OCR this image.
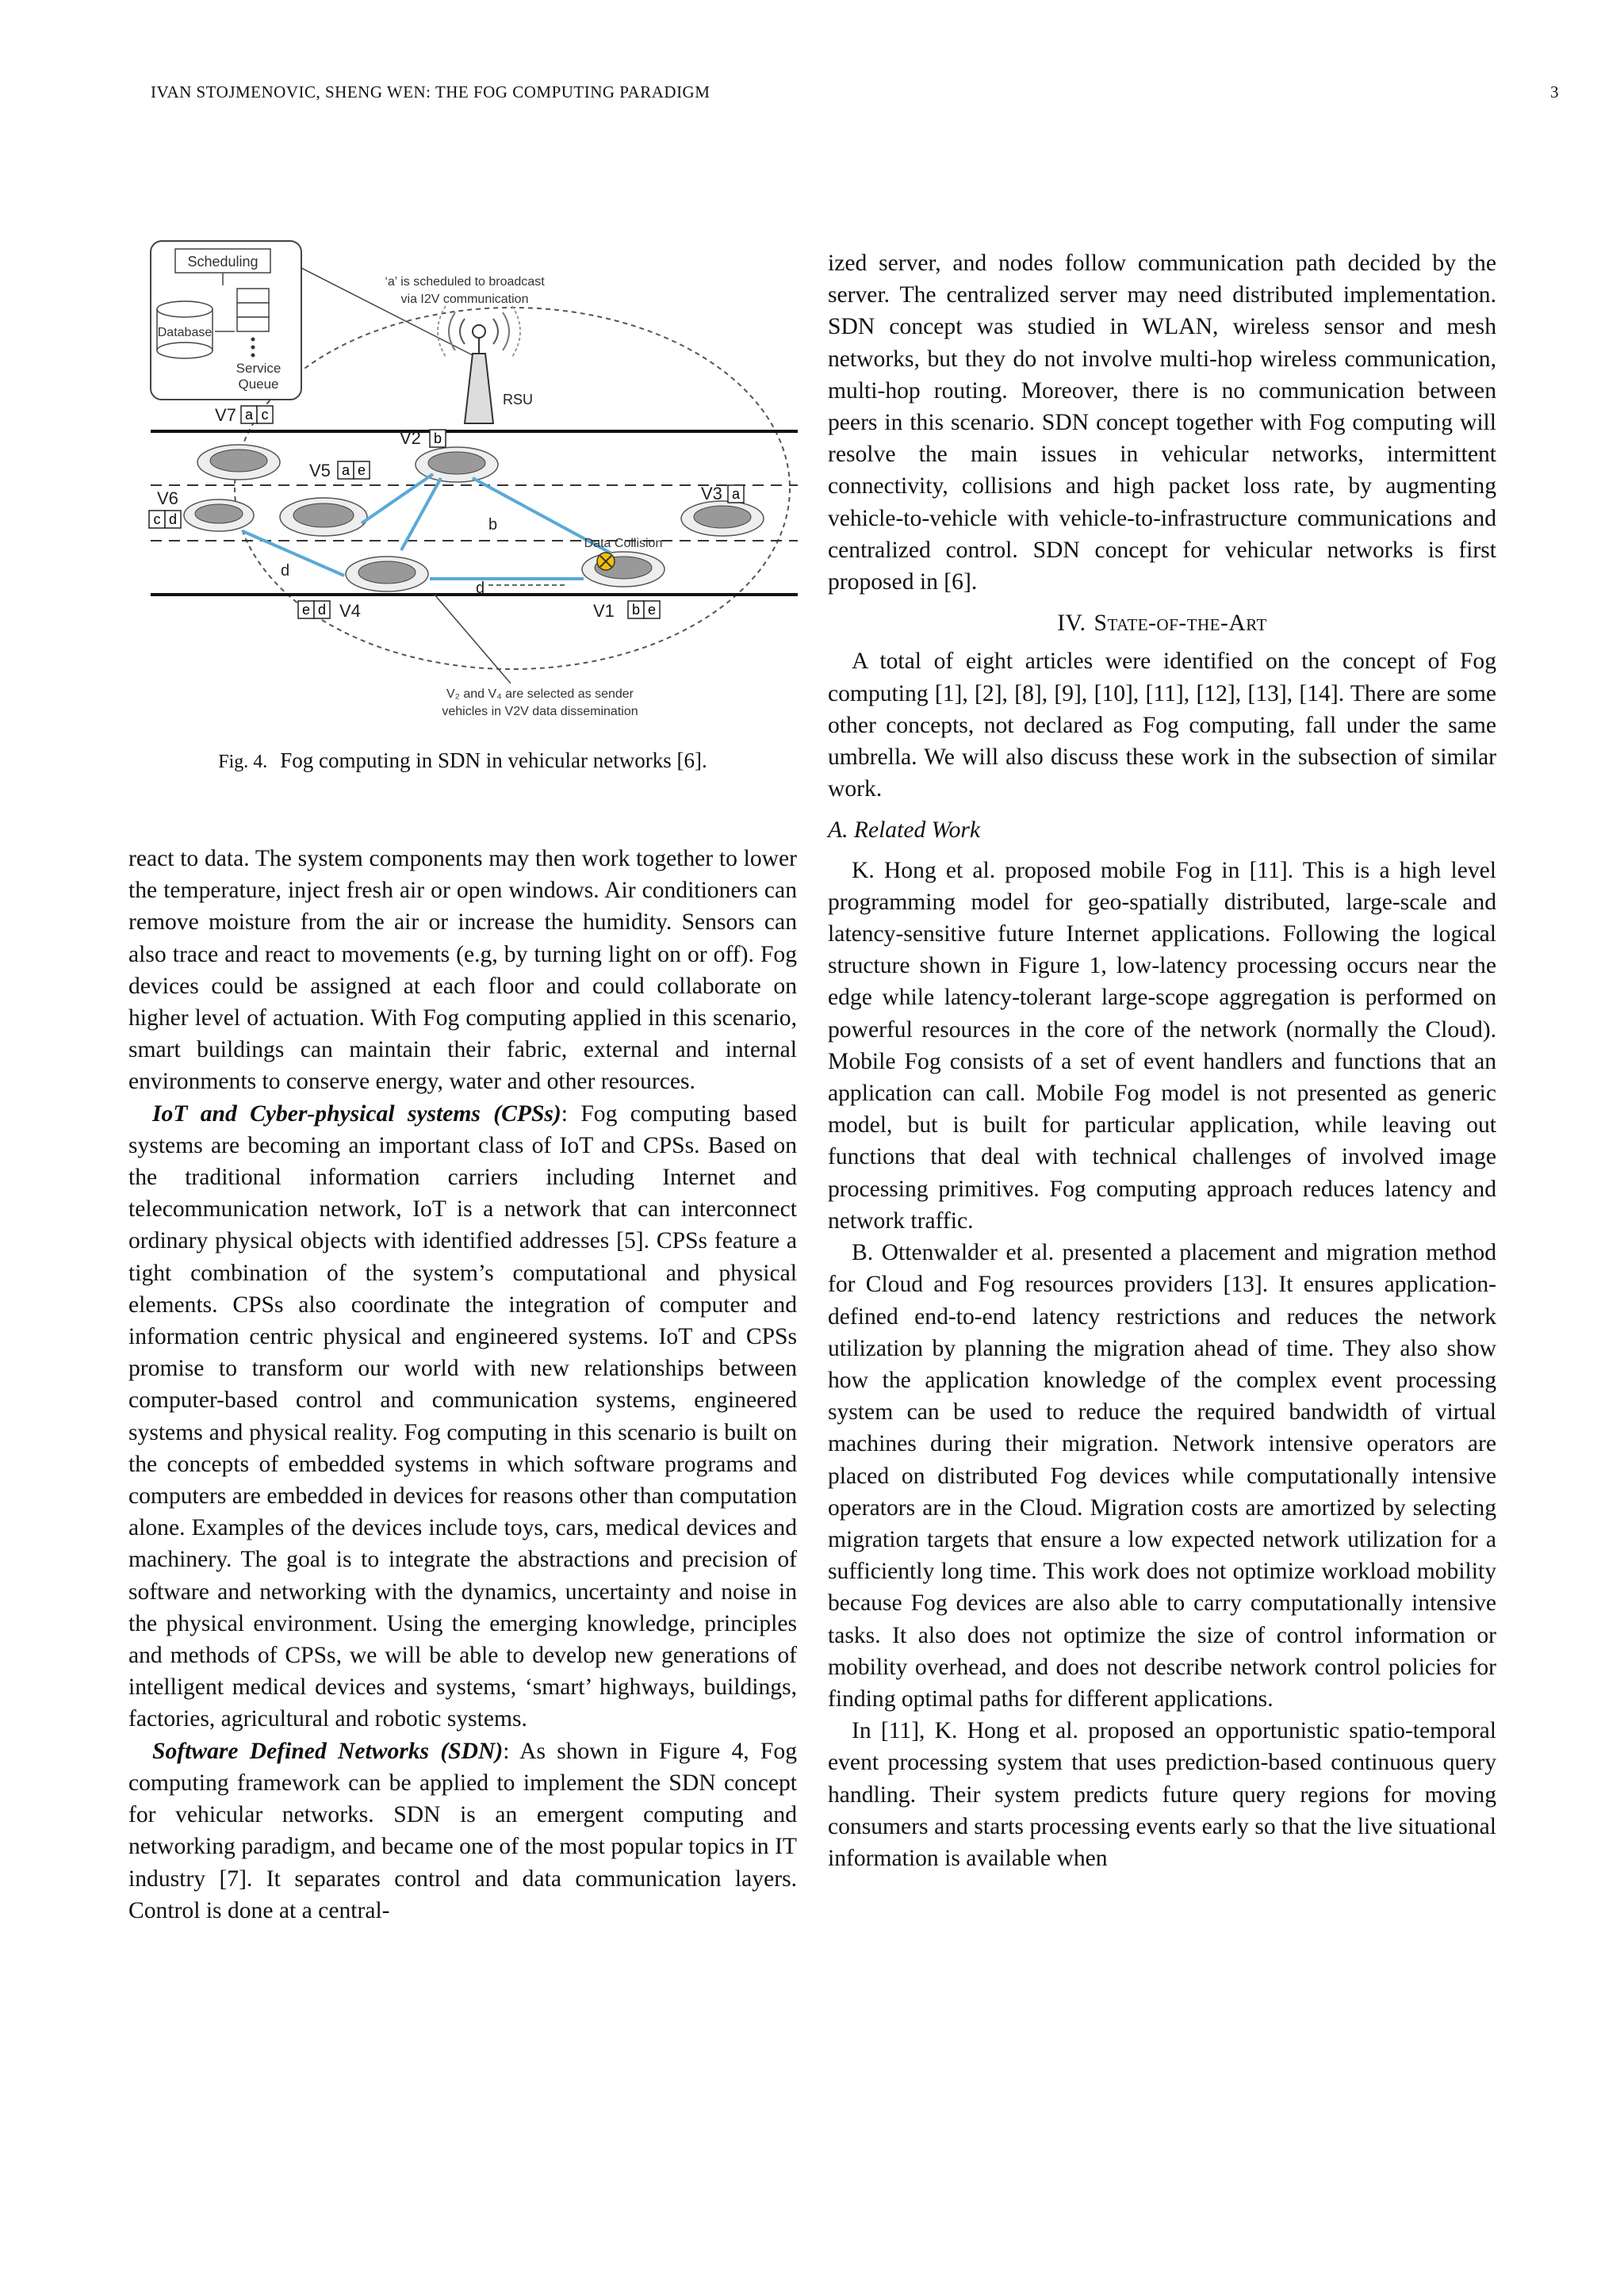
IVAN STOJMENOVIC, SHENG WEN: THE FOG COMPUTING PARADIGM	3
Scheduling
Database
Service
Queue
‘a’ is scheduled to broadcast
via I2V communication
RSU
V7 a c
V2 b
V5 a e
V6
c d
V3 a
e d V4	V1 b e
b
d
d
Data Collision
V₂ and V₄ are selected as sender
vehicles in V2V data dissemination
Fig. 4. Fog computing in SDN in vehicular networks [6].

react to data. The system components may then work together to lower the temperature, inject fresh air or open windows. Air conditioners can remove moisture from the air or increase the humidity. Sensors can also trace and react to movements (e.g, by turning light on or off). Fog devices could be assigned at each floor and could collaborate on higher level of actuation. With Fog computing applied in this scenario, smart buildings can maintain their fabric, external and internal environments to conserve energy, water and other resources.

IoT and Cyber-physical systems (CPSs): Fog computing based systems are becoming an important class of IoT and CPSs. Based on the traditional information carriers including Internet and telecommunication network, IoT is a network that can interconnect ordinary physical objects with identified addresses [5]. CPSs feature a tight combination of the system’s computational and physical elements. CPSs also coordinate the integration of computer and information centric physical and engineered systems. IoT and CPSs promise to transform our world with new relationships between computer-based control and communication systems, engineered systems and physical reality. Fog computing in this scenario is built on the concepts of embedded systems in which software programs and computers are embedded in devices for reasons other than computation alone. Examples of the devices include toys, cars, medical devices and machinery. The goal is to integrate the abstractions and precision of software and networking with the dynamics, uncertainty and noise in the physical environment. Using the emerging knowledge, principles and methods of CPSs, we will be able to develop new generations of intelligent medical devices and systems, ‘smart’ highways, buildings, factories, agricultural and robotic systems.

Software Defined Networks (SDN): As shown in Figure 4, Fog computing framework can be applied to implement the SDN concept for vehicular networks. SDN is an emergent computing and networking paradigm, and became one of the most popular topics in IT industry [7]. It separates control and data communication layers. Control is done at a central-

ized server, and nodes follow communication path decided by the server. The centralized server may need distributed implementation. SDN concept was studied in WLAN, wireless sensor and mesh networks, but they do not involve multi-hop wireless communication, multi-hop routing. Moreover, there is no communication between peers in this scenario. SDN concept together with Fog computing will resolve the main issues in vehicular networks, intermittent connectivity, collisions and high packet loss rate, by augmenting vehicle-to-vehicle with vehicle-to-infrastructure communications and centralized control. SDN concept for vehicular networks is first proposed in [6].

IV. State-of-the-Art

A total of eight articles were identified on the concept of Fog computing [1], [2], [8], [9], [10], [11], [12], [13], [14]. There are some other concepts, not declared as Fog computing, fall under the same umbrella. We will also discuss these work in the subsection of similar work.

A. Related Work

K. Hong et al. proposed mobile Fog in [11]. This is a high level programming model for geo-spatially distributed, large-scale and latency-sensitive future Internet applications. Following the logical structure shown in Figure 1, low-latency processing occurs near the edge while latency-tolerant large-scope aggregation is performed on powerful resources in the core of the network (normally the Cloud). Mobile Fog consists of a set of event handlers and functions that an application can call. Mobile Fog model is not presented as generic model, but is built for particular application, while leaving out functions that deal with technical challenges of involved image processing primitives. Fog computing approach reduces latency and network traffic.

B. Ottenwalder et al. presented a placement and migration method for Cloud and Fog resources providers [13]. It ensures application-defined end-to-end latency restrictions and reduces the network utilization by planning the migration ahead of time. They also show how the application knowledge of the complex event processing system can be used to reduce the required bandwidth of virtual machines during their migration. Network intensive operators are placed on distributed Fog devices while computationally intensive operators are in the Cloud. Migration costs are amortized by selecting migration targets that ensure a low expected network utilization for a sufficiently long time. This work does not optimize workload mobility because Fog devices are also able to carry computationally intensive tasks. It also does not optimize the size of control information or mobility overhead, and does not describe network control policies for finding optimal paths for different applications.

In [11], K. Hong et al. proposed an opportunistic spatio-temporal event processing system that uses prediction-based continuous query handling. Their system predicts future query regions for moving consumers and starts processing events early so that the live situational information is available when
